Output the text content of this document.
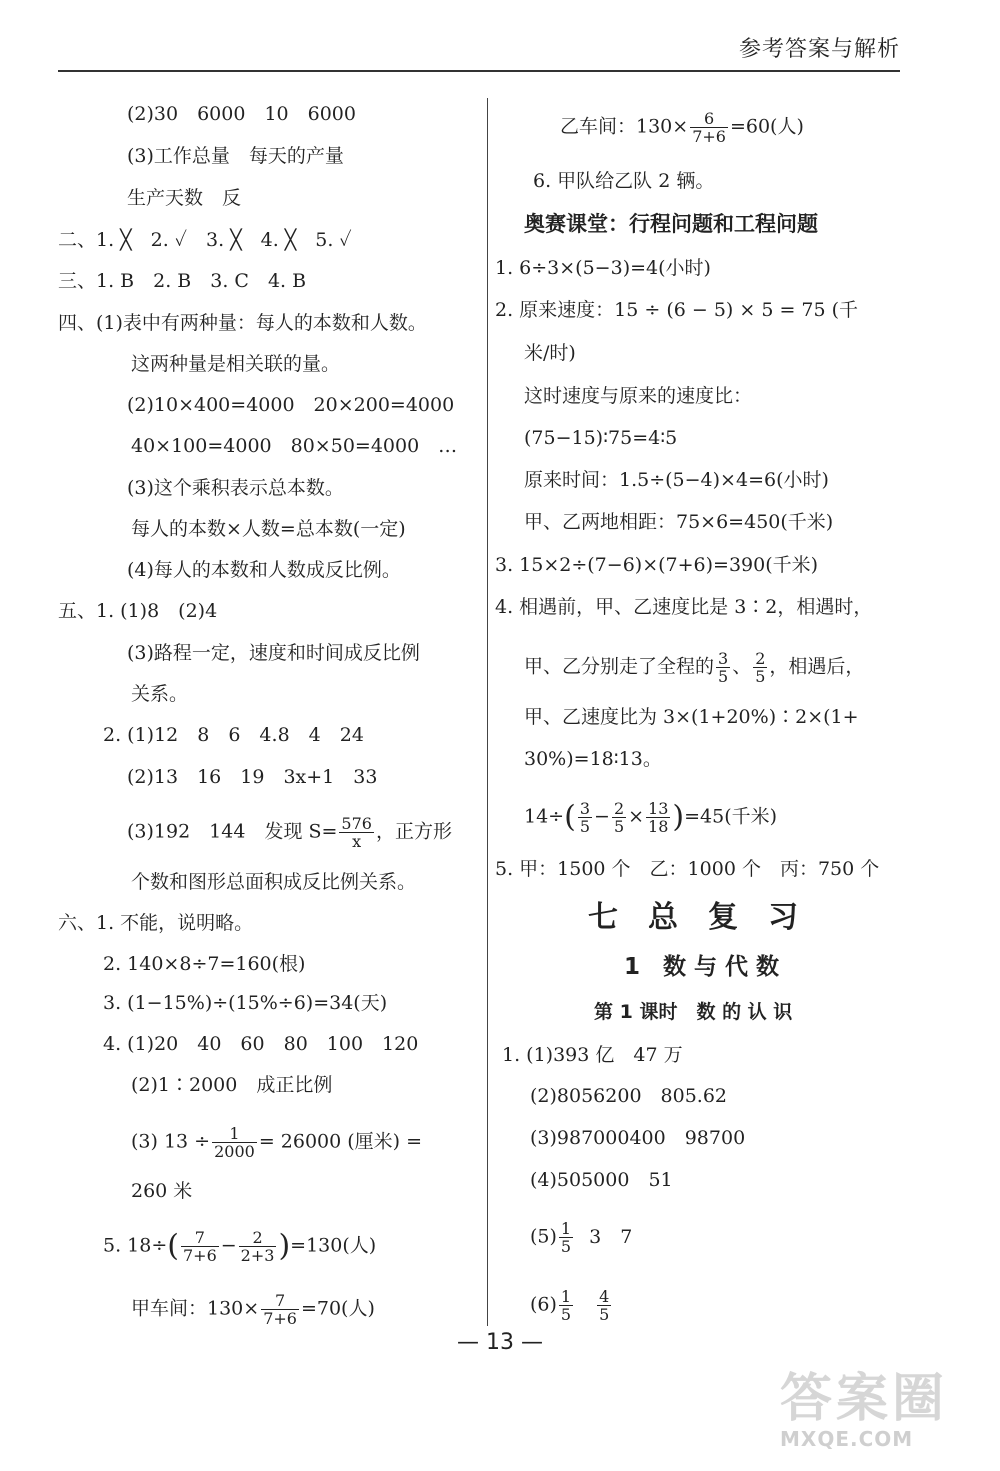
参考答案与解析
(2)30　6000　10　6000
(3)工作总量　每天的产量
生产天数　反
二、1. ╳　2. ✓　3. ╳　4. ╳　5. ✓
三、1. B　2. B　3. C　4. B
四、(1)表中有两种量：每人的本数和人数。
这两种量是相关联的量。
(2)10×400=4000　20×200=4000
40×100=4000　80×50=4000　…
(3)这个乘积表示总本数。
每人的本数×人数=总本数(一定)
(4)每人的本数和人数成反比例。
五、1. (1)8　(2)4
(3)路程一定，速度和时间成反比例
关系。
2. (1)12　8　6　4.8　4　24
(2)13　16　19　3x+1　33
(3)192　144　发现 $S= \frac{576}{x}$ ，正方形
个数和图形总面积成反比例关系。
六、1. 不能，说明略。
2. 140×8÷7=160(根)
3. (1−15%)÷(15%÷6)=34(天)
4. (1)20　40　60　80　100　120
(2)1∶2000　成正比例
(3) $13 \div \frac{1}{2000} = 26000$ (厘米) =
260 米
5. $18\div( \frac{7}{7+6} - \frac{2}{2+3} )=130$(人)
甲车间：$130\times \frac{7}{7+6} =70$(人)
乙车间：$130\times \frac{6}{7+6} =60$(人)
6. 甲队给乙队 2 辆。
奥赛课堂：行程问题和工程问题
1. 6÷3×(5−3)=4(小时)
2. 原来速度：15 ÷ (6 − 5) × 5 = 75 (千
米/时)
这时速度与原来的速度比：
(75−15)∶75=4∶5
原来时间：1.5÷(5−4)×4=6(小时)
甲、乙两地相距：75×6=450(千米)
3. 15×2÷(7−6)×(7+6)=390(千米)
4. 相遇前，甲、乙速度比是 3∶2，相遇时，
甲、乙分别走了全程的 $\frac{3}{5}$ 、 $\frac{2}{5}$ ，相遇后，
甲、乙速度比为 3×(1+20%)∶2×(1+
30%)=18∶13。
$14\div( \frac{3}{5} - \frac{2}{5} \times \frac{13}{18} )=45$(千米)
5. 甲：1500 个　乙：1000 个　丙：750 个
七　总　复　习
1　数 与 代 数
第 1 课时　数 的 认 识
1. (1)393 亿　47 万
(2)8056200　805.62
(3)987000400　98700
(4)505000　51
$(5) \frac{1}{5} 3$　7
$(6) \frac{1}{5} \frac{4}{5}$
— 13 —
答案圈
MXQE.COM
